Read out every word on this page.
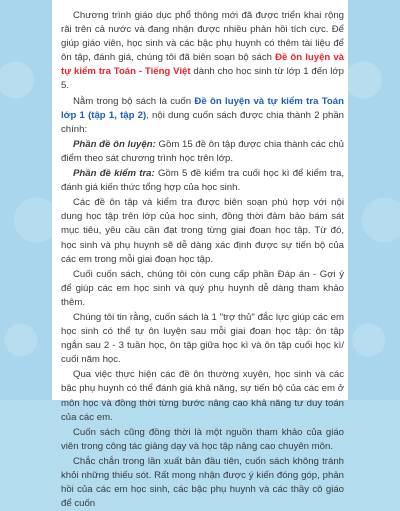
Chương trình giáo dục phổ thông mới đã được triển khai rộng rãi trên cả nước và đang nhận được nhiều phản hồi tích cực. Để giúp giáo viên, học sinh và các bậc phụ huynh có thêm tài liệu để ôn tập, đánh giá, chúng tôi đã biên soạn bộ sách Đề ôn luyện và tự kiểm tra Toán - Tiếng Việt dành cho học sinh từ lớp 1 đến lớp 5.

Nằm trong bộ sách là cuốn Đề ôn luyện và tự kiểm tra Toán lớp 1 (tập 1, tập 2), nội dung cuốn sách được chia thành 2 phần chính:

Phần đề ôn luyện: Gồm 15 đề ôn tập được chia thành các chủ điểm theo sát chương trình học trên lớp.

Phần đề kiểm tra: Gồm 5 đề kiểm tra cuối học kì để kiểm tra, đánh giá kiến thức tổng hợp của học sinh.

Các đề ôn tập và kiểm tra được biên soạn phù hợp với nội dung học tập trên lớp của học sinh, đồng thời đảm bảo bám sát mục tiêu, yêu cầu cần đạt trong từng giai đoạn học tập. Từ đó, học sinh và phụ huynh sẽ dễ dàng xác định được sự tiến bộ của các em trong mỗi giai đoạn học tập.

Cuối cuốn sách, chúng tôi còn cung cấp phần Đáp án - Gợi ý để giúp các em học sinh và quý phụ huynh dễ dàng tham khảo thêm.

Chúng tôi tin rằng, cuốn sách là 1 "trợ thủ" đắc lực giúp các em học sinh có thể tự ôn luyện sau mỗi giai đoạn học tập: ôn tập ngắn sau 2 - 3 tuần học, ôn tập giữa học kì và ôn tập cuối học kì/ cuối năm học.

Qua việc thực hiện các đề ôn thường xuyên, học sinh và các bậc phụ huynh có thể đánh giá khả năng, sự tiến bộ của các em ở môn học và đồng thời từng bước nâng cao khả năng tư duy toán của các em.

Cuốn sách cũng đồng thời là một nguồn tham khảo của giáo viên trong công tác giảng dạy và học tập nâng cao chuyên môn.

Chắc chắn trong lần xuất bản đầu tiên, cuốn sách không tránh khỏi những thiếu sót. Rất mong nhận được ý kiến đóng góp, phản hồi của các em học sinh, các bậc phụ huynh và các thầy cô giáo để cuốn
